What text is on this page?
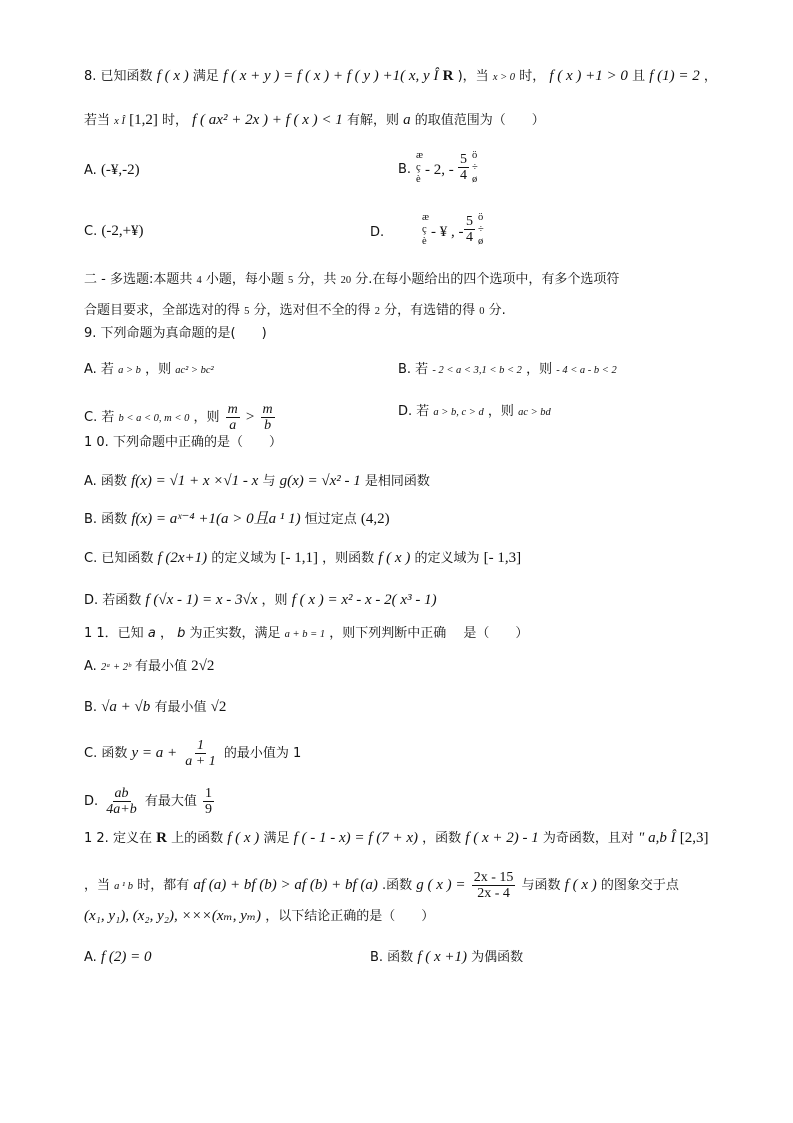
8. 已知函数 f ( x ) 满足 f ( x + y ) = f ( x ) + f ( y ) +1( x, y Î R )，当 x > 0 时， f ( x ) +1 > 0 且 f (1) = 2 ，
若当 x Î [1,2] 时， f ( ax² + 2x ) + f ( x ) < 1 有解，则 a 的取值范围为（　　）
A. (-¥,-2)	B.
æ
ç
è
- 2, - $\frac{5}{4}$ ö
÷
ø
C. (-2,+¥)	D.
æ
ç
è
- ¥ , - $\frac{5}{4}$ ö
÷
ø
二 - 多选题:本题共 4 小题，每小题 5 分，共 20 分.在每小题给出的四个选项中，有多个选项符
合题目要求，全部选对的得 5 分，选对但不全的得 2 分，有选错的得 0 分.
9. 下列命题为真命题的是(　　)
A. 若 a > b ，则 ac² > bc²	B. 若 - 2 < a < 3,1 < b < 2 ，则 - 4 < a - b < 2
C. 若 b < a < 0, m < 0 ，则 $\frac{m}{a} > \frac{m}{b}$	D. 若 a > b, c > d ，则 ac > bd
1 0. 下列命题中正确的是（　　）
A. 函数 f(x) = √1 + x ×√1 - x 与 g(x) = √x² - 1 是相同函数
B. 函数 f(x) = aˣ⁻⁴ +1(a > 0且a ¹ 1) 恒过定点 (4,2)
C. 已知函数 f (2x+1) 的定义域为 [- 1,1] ，则函数 f ( x ) 的定义域为 [- 1,3]
D. 若函数 f (√x - 1) = x - 3√x ，则 f ( x ) = x² - x - 2( x³ - 1)
1 1．已知 a ， b 为正实数，满足 a + b = 1 ，则下列判断中正确　 是（　　）
A. 2ᵃ + 2ᵇ 有最小值 2√2
B. √a + √b 有最小值 √2
C. 函数 $y = a + \frac{1}{a + 1}$ 的最小值为 1
D. $\frac{ab}{4a+b}$ 有最大值 $\frac{1}{9}$
1 2. 定义在 R 上的函数 f ( x ) 满足 f ( - 1 - x) = f (7 + x) ，函数 f ( x + 2) - 1 为奇函数，且对 " a,b Î [2,3]
，当 a ¹ b 时，都有 af (a) + bf (b) > af (b) + bf (a) .函数 g ( x ) = $\frac{2x - 15}{2x - 4}$ 与函数 f ( x ) 的图象交于点
(x₁, y₁), (x₂, y₂), ×××(xₘ, yₘ) ，以下结论正确的是（　　）
A. f (2) = 0	B. 函数 f ( x +1) 为偶函数
